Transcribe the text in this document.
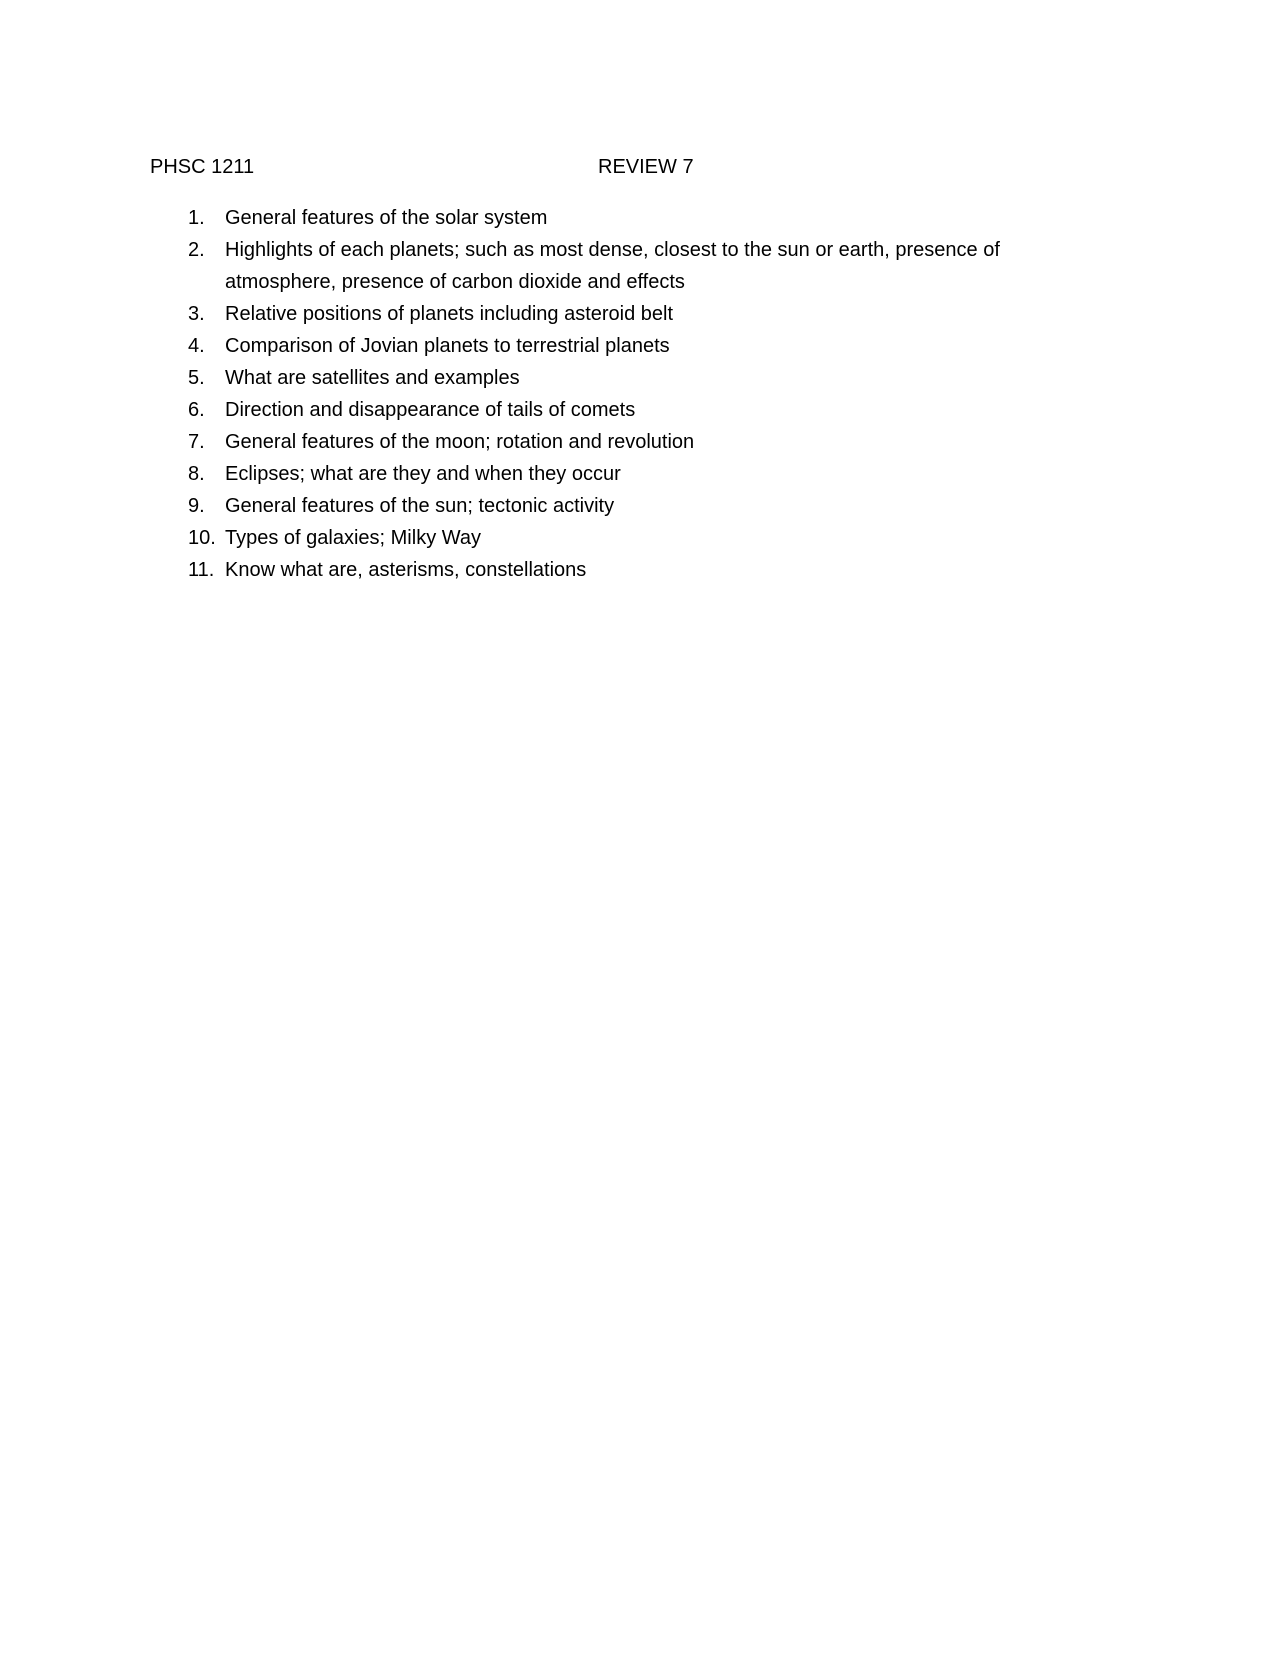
PHSC 1211	REVIEW 7
1. General features of the solar system
2. Highlights of each planets; such as most dense, closest to the sun or earth, presence of atmosphere, presence of carbon dioxide and effects
3. Relative positions of planets including asteroid belt
4. Comparison of Jovian planets to terrestrial planets
5. What are satellites and examples
6. Direction and disappearance of tails of comets
7. General features of the moon; rotation and revolution
8. Eclipses; what are they and when they occur
9. General features of the sun; tectonic activity
10. Types of galaxies; Milky Way
11. Know what are, asterisms, constellations
